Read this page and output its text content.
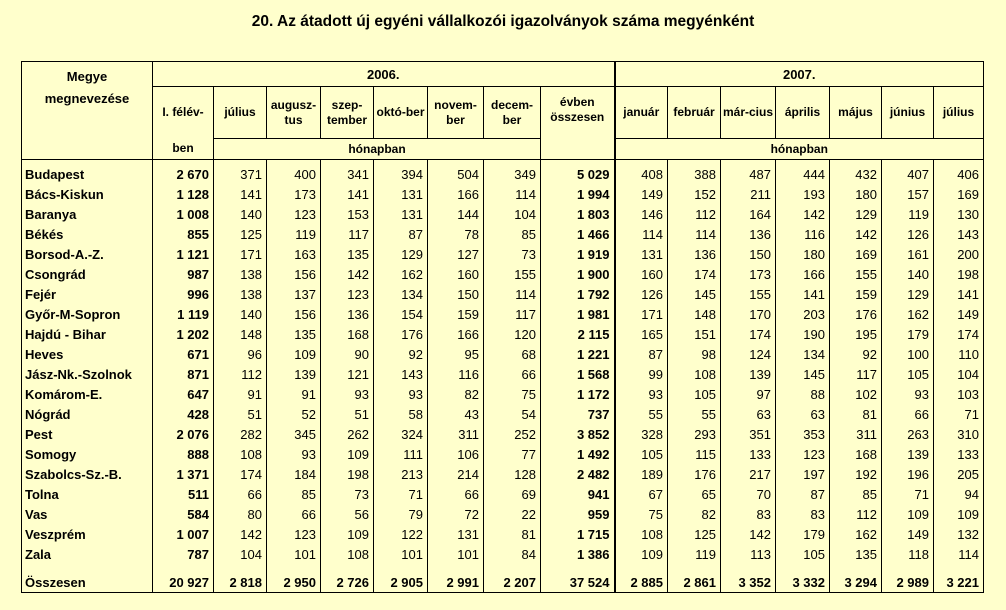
20. Az átadott új egyéni vállalkozói igazolványok száma megyénként
Megye
megnevezése	2006.								2007.						
	I. félév-	július	augusz-tus	szep-tember	októ-ber	novem-ber	decem-ber	évben összesen	január	február	már-cius	április	május	június	július
	ben	hónapban							hónapban						
Budapest	2 670	371	400	341	394	504	349	5 029	408	388	487	444	432	407	406
Bács-Kiskun	1 128	141	173	141	131	166	114	1 994	149	152	211	193	180	157	169
Baranya	1 008	140	123	153	131	144	104	1 803	146	112	164	142	129	119	130
Békés	855	125	119	117	87	78	85	1 466	114	114	136	116	142	126	143
Borsod-A.-Z.	1 121	171	163	135	129	127	73	1 919	131	136	150	180	169	161	200
Csongrád	987	138	156	142	162	160	155	1 900	160	174	173	166	155	140	198
Fejér	996	138	137	123	134	150	114	1 792	126	145	155	141	159	129	141
Győr-M-Sopron	1 119	140	156	136	154	159	117	1 981	171	148	170	203	176	162	149
Hajdú - Bihar	1 202	148	135	168	176	166	120	2 115	165	151	174	190	195	179	174
Heves	671	96	109	90	92	95	68	1 221	87	98	124	134	92	100	110
Jász-Nk.-Szolnok	871	112	139	121	143	116	66	1 568	99	108	139	145	117	105	104
Komárom-E.	647	91	91	93	93	82	75	1 172	93	105	97	88	102	93	103
Nógrád	428	51	52	51	58	43	54	737	55	55	63	63	81	66	71
Pest	2 076	282	345	262	324	311	252	3 852	328	293	351	353	311	263	310
Somogy	888	108	93	109	111	106	77	1 492	105	115	133	123	168	139	133
Szabolcs-Sz.-B.	1 371	174	184	198	213	214	128	2 482	189	176	217	197	192	196	205
Tolna	511	66	85	73	71	66	69	941	67	65	70	87	85	71	94
Vas	584	80	66	56	79	72	22	959	75	82	83	83	112	109	109
Veszprém	1 007	142	123	109	122	131	81	1 715	108	125	142	179	162	149	132
Zala	787	104	101	108	101	101	84	1 386	109	119	113	105	135	118	114
Összesen	20 927	2 818	2 950	2 726	2 905	2 991	2 207	37 524	2 885	2 861	3 352	3 332	3 294	2 989	3 221
